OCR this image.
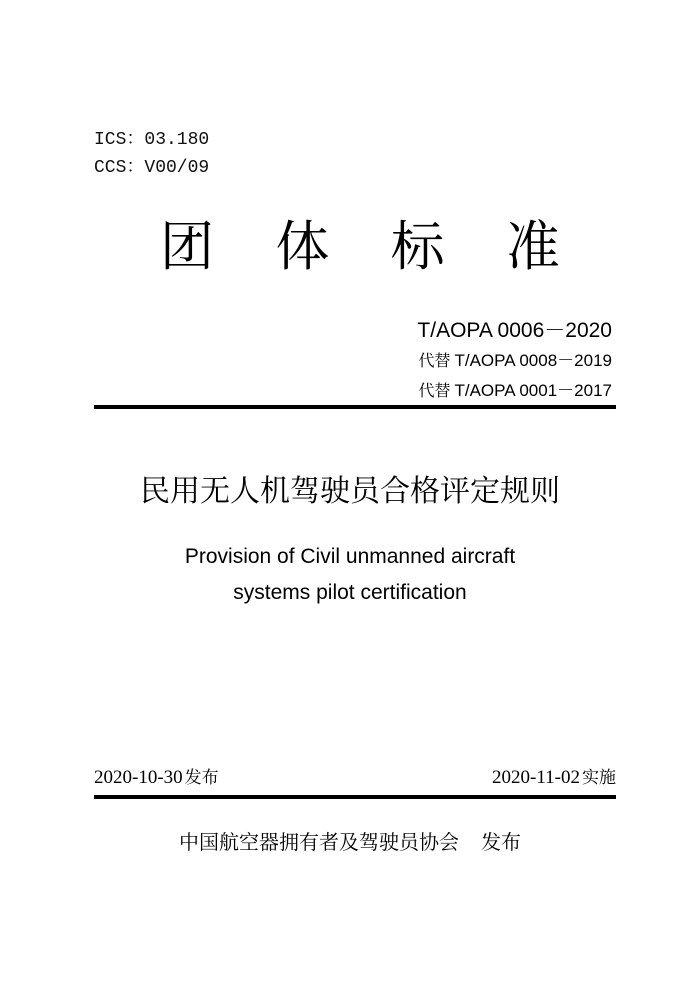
ICS：03.180
CCS：V00/09
团 体 标 准
T/AOPA 0006－2020
代替 T/AOPA 0008－2019
代替 T/AOPA 0001－2017
民用无人机驾驶员合格评定规则
Provision of Civil unmanned aircraft
systems pilot certification
2020-10-30 发布	2020-11-02 实施
中国航空器拥有者及驾驶员协会 发布
